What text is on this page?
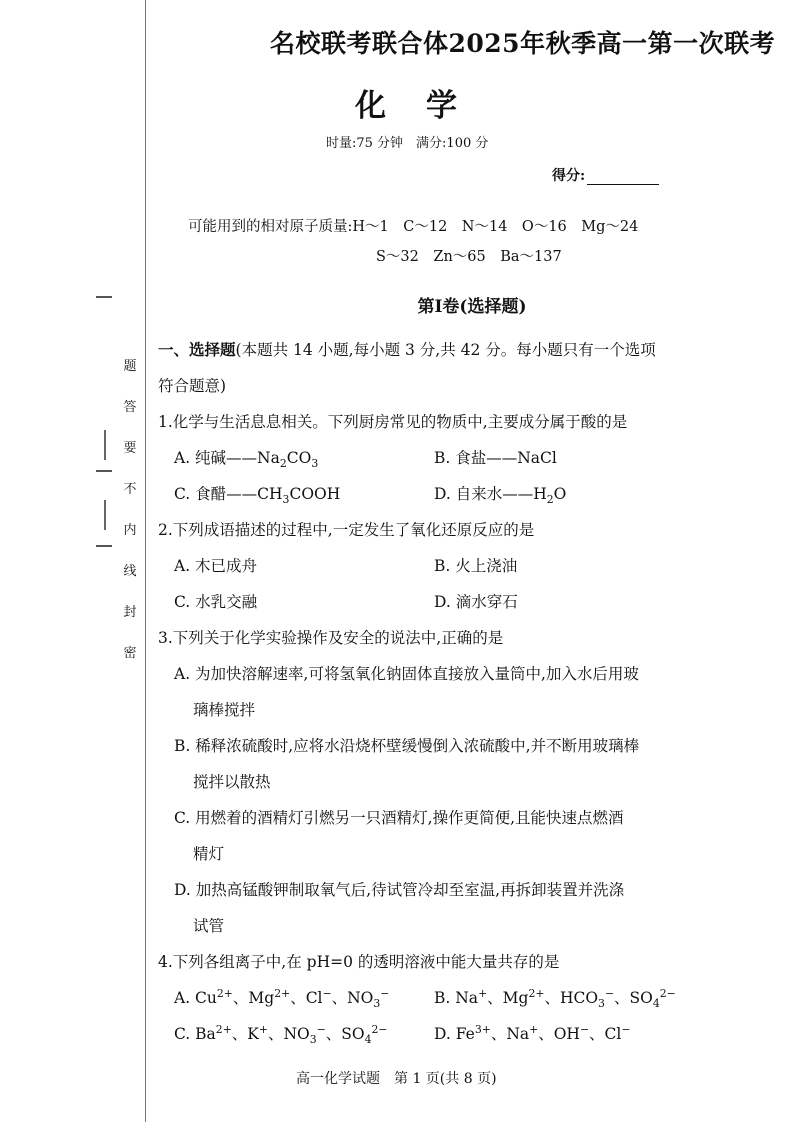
题
答
要
不
内
线
封
密
名校联考联合体2025年秋季高一第一次联考
化学
时量:75 分钟　满分:100 分
得分:
可能用到的相对原子质量:H～1　C～12　N～14　O～16　Mg～24
S～32　Zn～65　Ba～137
第Ⅰ卷(选择题)
一、选择题(本题共 14 小题,每小题 3 分,共 42 分。每小题只有一个选项
符合题意)
1.化学与生活息息相关。下列厨房常见的物质中,主要成分属于酸的是
A. 纯碱$——Na_2CO_3$	B. 食盐——NaCl
C. 食醋$——CH_3COOH$	D. 自来水$——H_2O$
2.下列成语描述的过程中,一定发生了氧化还原反应的是
A. 木已成舟	B. 火上浇油
C. 水乳交融	D. 滴水穿石
3.下列关于化学实验操作及安全的说法中,正确的是
A. 为加快溶解速率,可将氢氧化钠固体直接放入量筒中,加入水后用玻
璃棒搅拌
B. 稀释浓硫酸时,应将水沿烧杯壁缓慢倒入浓硫酸中,并不断用玻璃棒
搅拌以散热
C. 用燃着的酒精灯引燃另一只酒精灯,操作更简便,且能快速点燃酒
精灯
D. 加热高锰酸钾制取氧气后,待试管冷却至室温,再拆卸装置并洗涤
试管
4.下列各组离子中,在 pH=0 的透明溶液中能大量共存的是
A. $Cu^{2+}$、$Mg^{2+}$、Cl−、$NO_3^-$	B. Na+、$Mg^{2+}$、$HCO_3^-$、$SO_4^{2-}$
C. $Ba^{2+}$、K+、$NO_3^-$、$SO_4^{2-}$	D. $Fe^{3+}$、Na+、OH−、Cl−
高一化学试题　第 1 页(共 8 页)
